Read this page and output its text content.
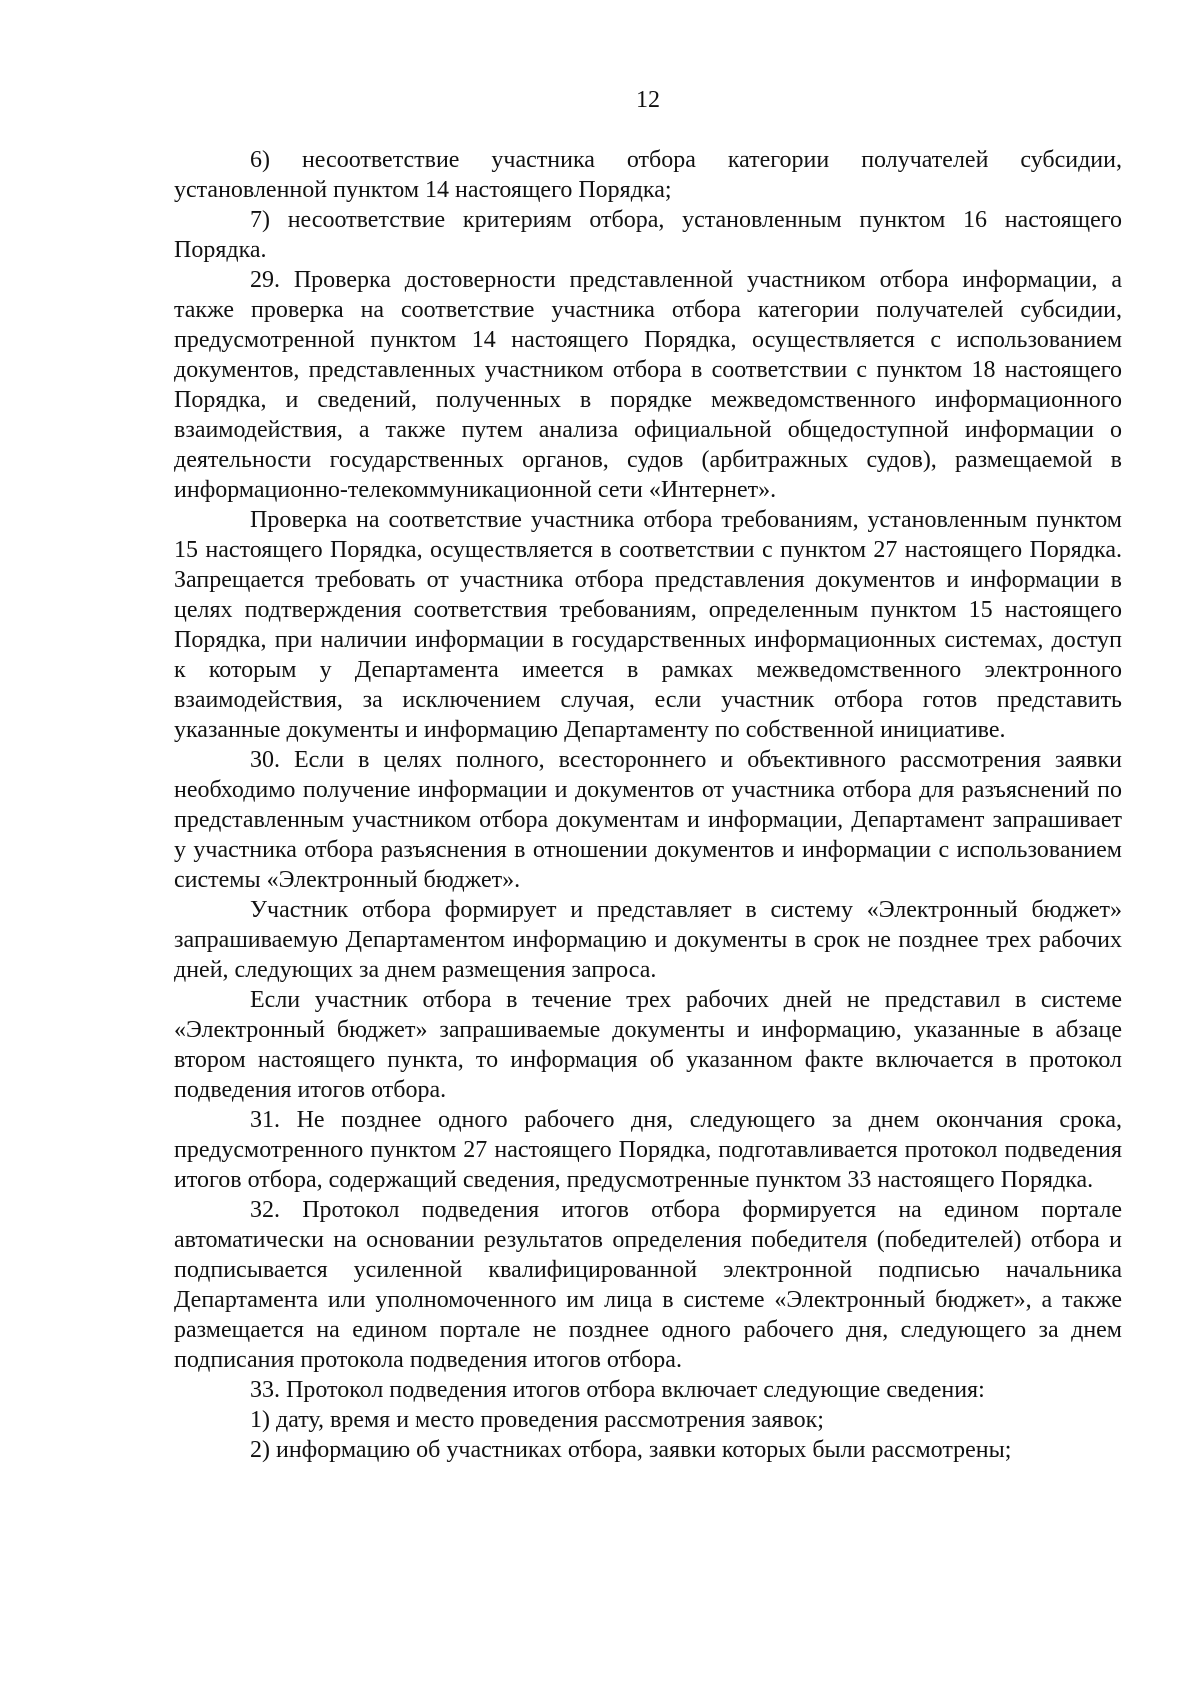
12

6) несоответствие участника отбора категории получателей субсидии, установленной пунктом 14 настоящего Порядка;

7) несоответствие критериям отбора, установленным пунктом 16 настоящего Порядка.

29. Проверка достоверности представленной участником отбора информации, а также проверка на соответствие участника отбора категории получателей субсидии, предусмотренной пунктом 14 настоящего Порядка, осуществляется с использованием документов, представленных участником отбора в соответствии с пунктом 18 настоящего Порядка, и сведений, полученных в порядке межведомственного информационного взаимодействия, а также путем анализа официальной общедоступной информации о деятельности государственных органов, судов (арбитражных судов), размещаемой в информационно-телекоммуникационной сети «Интернет».

Проверка на соответствие участника отбора требованиям, установленным пунктом 15 настоящего Порядка, осуществляется в соответствии с пунктом 27 настоящего Порядка. Запрещается требовать от участника отбора представления документов и информации в целях подтверждения соответствия требованиям, определенным пунктом 15 настоящего Порядка, при наличии информации в государственных информационных системах, доступ к которым у Департамента имеется в рамках межведомственного электронного взаимодействия, за исключением случая, если участник отбора готов представить указанные документы и информацию Департаменту по собственной инициативе.

30. Если в целях полного, всестороннего и объективного рассмотрения заявки необходимо получение информации и документов от участника отбора для разъяснений по представленным участником отбора документам и информации, Департамент запрашивает у участника отбора разъяснения в отношении документов и информации с использованием системы «Электронный бюджет».

Участник отбора формирует и представляет в систему «Электронный бюджет» запрашиваемую Департаментом информацию и документы в срок не позднее трех рабочих дней, следующих за днем размещения запроса.

Если участник отбора в течение трех рабочих дней не представил в системе «Электронный бюджет» запрашиваемые документы и информацию, указанные в абзаце втором настоящего пункта, то информация об указанном факте включается в протокол подведения итогов отбора.

31. Не позднее одного рабочего дня, следующего за днем окончания срока, предусмотренного пунктом 27 настоящего Порядка, подготавливается протокол подведения итогов отбора, содержащий сведения, предусмотренные пунктом 33 настоящего Порядка.

32. Протокол подведения итогов отбора формируется на едином портале автоматически на основании результатов определения победителя (победителей) отбора и подписывается усиленной квалифицированной электронной подписью начальника Департамента или уполномоченного им лица в системе «Электронный бюджет», а также размещается на едином портале не позднее одного рабочего дня, следующего за днем подписания протокола подведения итогов отбора.

33. Протокол подведения итогов отбора включает следующие сведения:

1) дату, время и место проведения рассмотрения заявок;

2) информацию об участниках отбора, заявки которых были рассмотрены;
